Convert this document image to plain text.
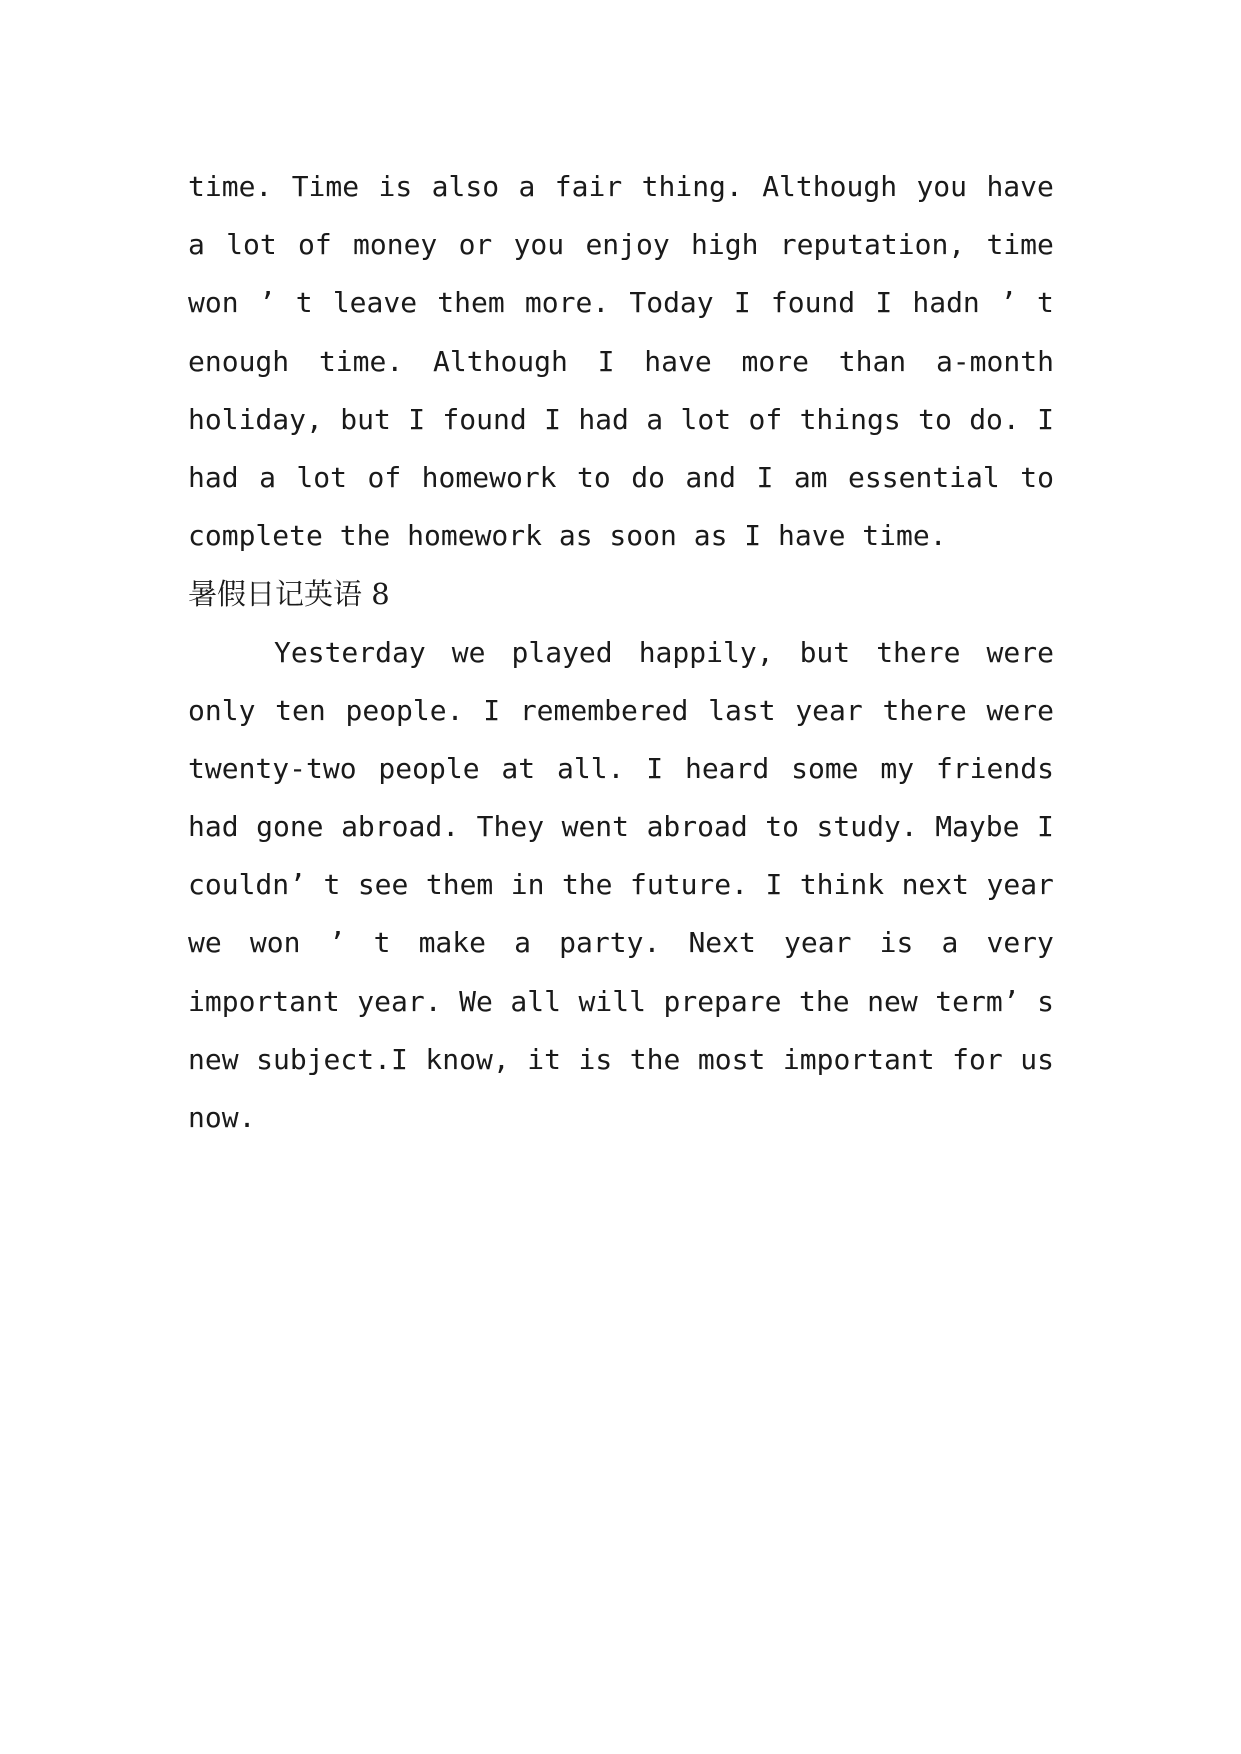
time. Time is also a fair thing. Although you have
a lot of money or you enjoy high reputation, time
won ’ t leave them more. Today I found I hadn ’ t
enough time. Although I have more than a-month
holiday, but I found I had a lot of things to do. I
had a lot of homework to do and I am essential to
complete the homework as soon as I have time.
暑假日记英语 8
Yesterday we played happily, but there were
only ten people. I remembered last year there were
twenty-two people at all. I heard some my friends
had gone abroad. They went abroad to study. Maybe I
couldn’ t see them in the future. I think next year
we won ’ t make a party. Next year is a very
important year. We all will prepare the new term’ s
new subject.I know, it is the most important for us
now.
